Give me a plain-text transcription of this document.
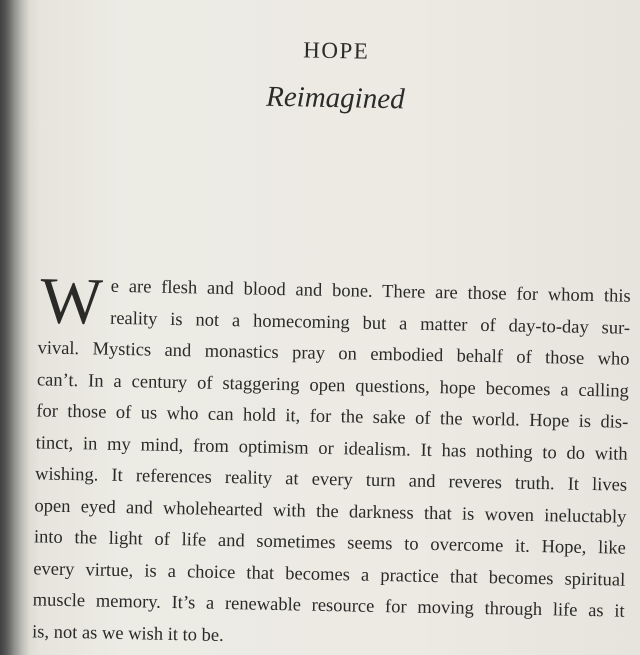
HOPE
Reimagined
W e are flesh and blood and bone. There are those for whom this
reality is not a homecoming but a matter of day-to-day sur-
vival. Mystics and monastics pray on embodied behalf of those who
can’t. In a century of staggering open questions, hope becomes a calling
for those of us who can hold it, for the sake of the world. Hope is dis-
tinct, in my mind, from optimism or idealism. It has nothing to do with
wishing. It references reality at every turn and reveres truth. It lives
open eyed and wholehearted with the darkness that is woven ineluctably
into the light of life and sometimes seems to overcome it. Hope, like
every virtue, is a choice that becomes a practice that becomes spiritual
muscle memory. It’s a renewable resource for moving through life as it
is, not as we wish it to be.
